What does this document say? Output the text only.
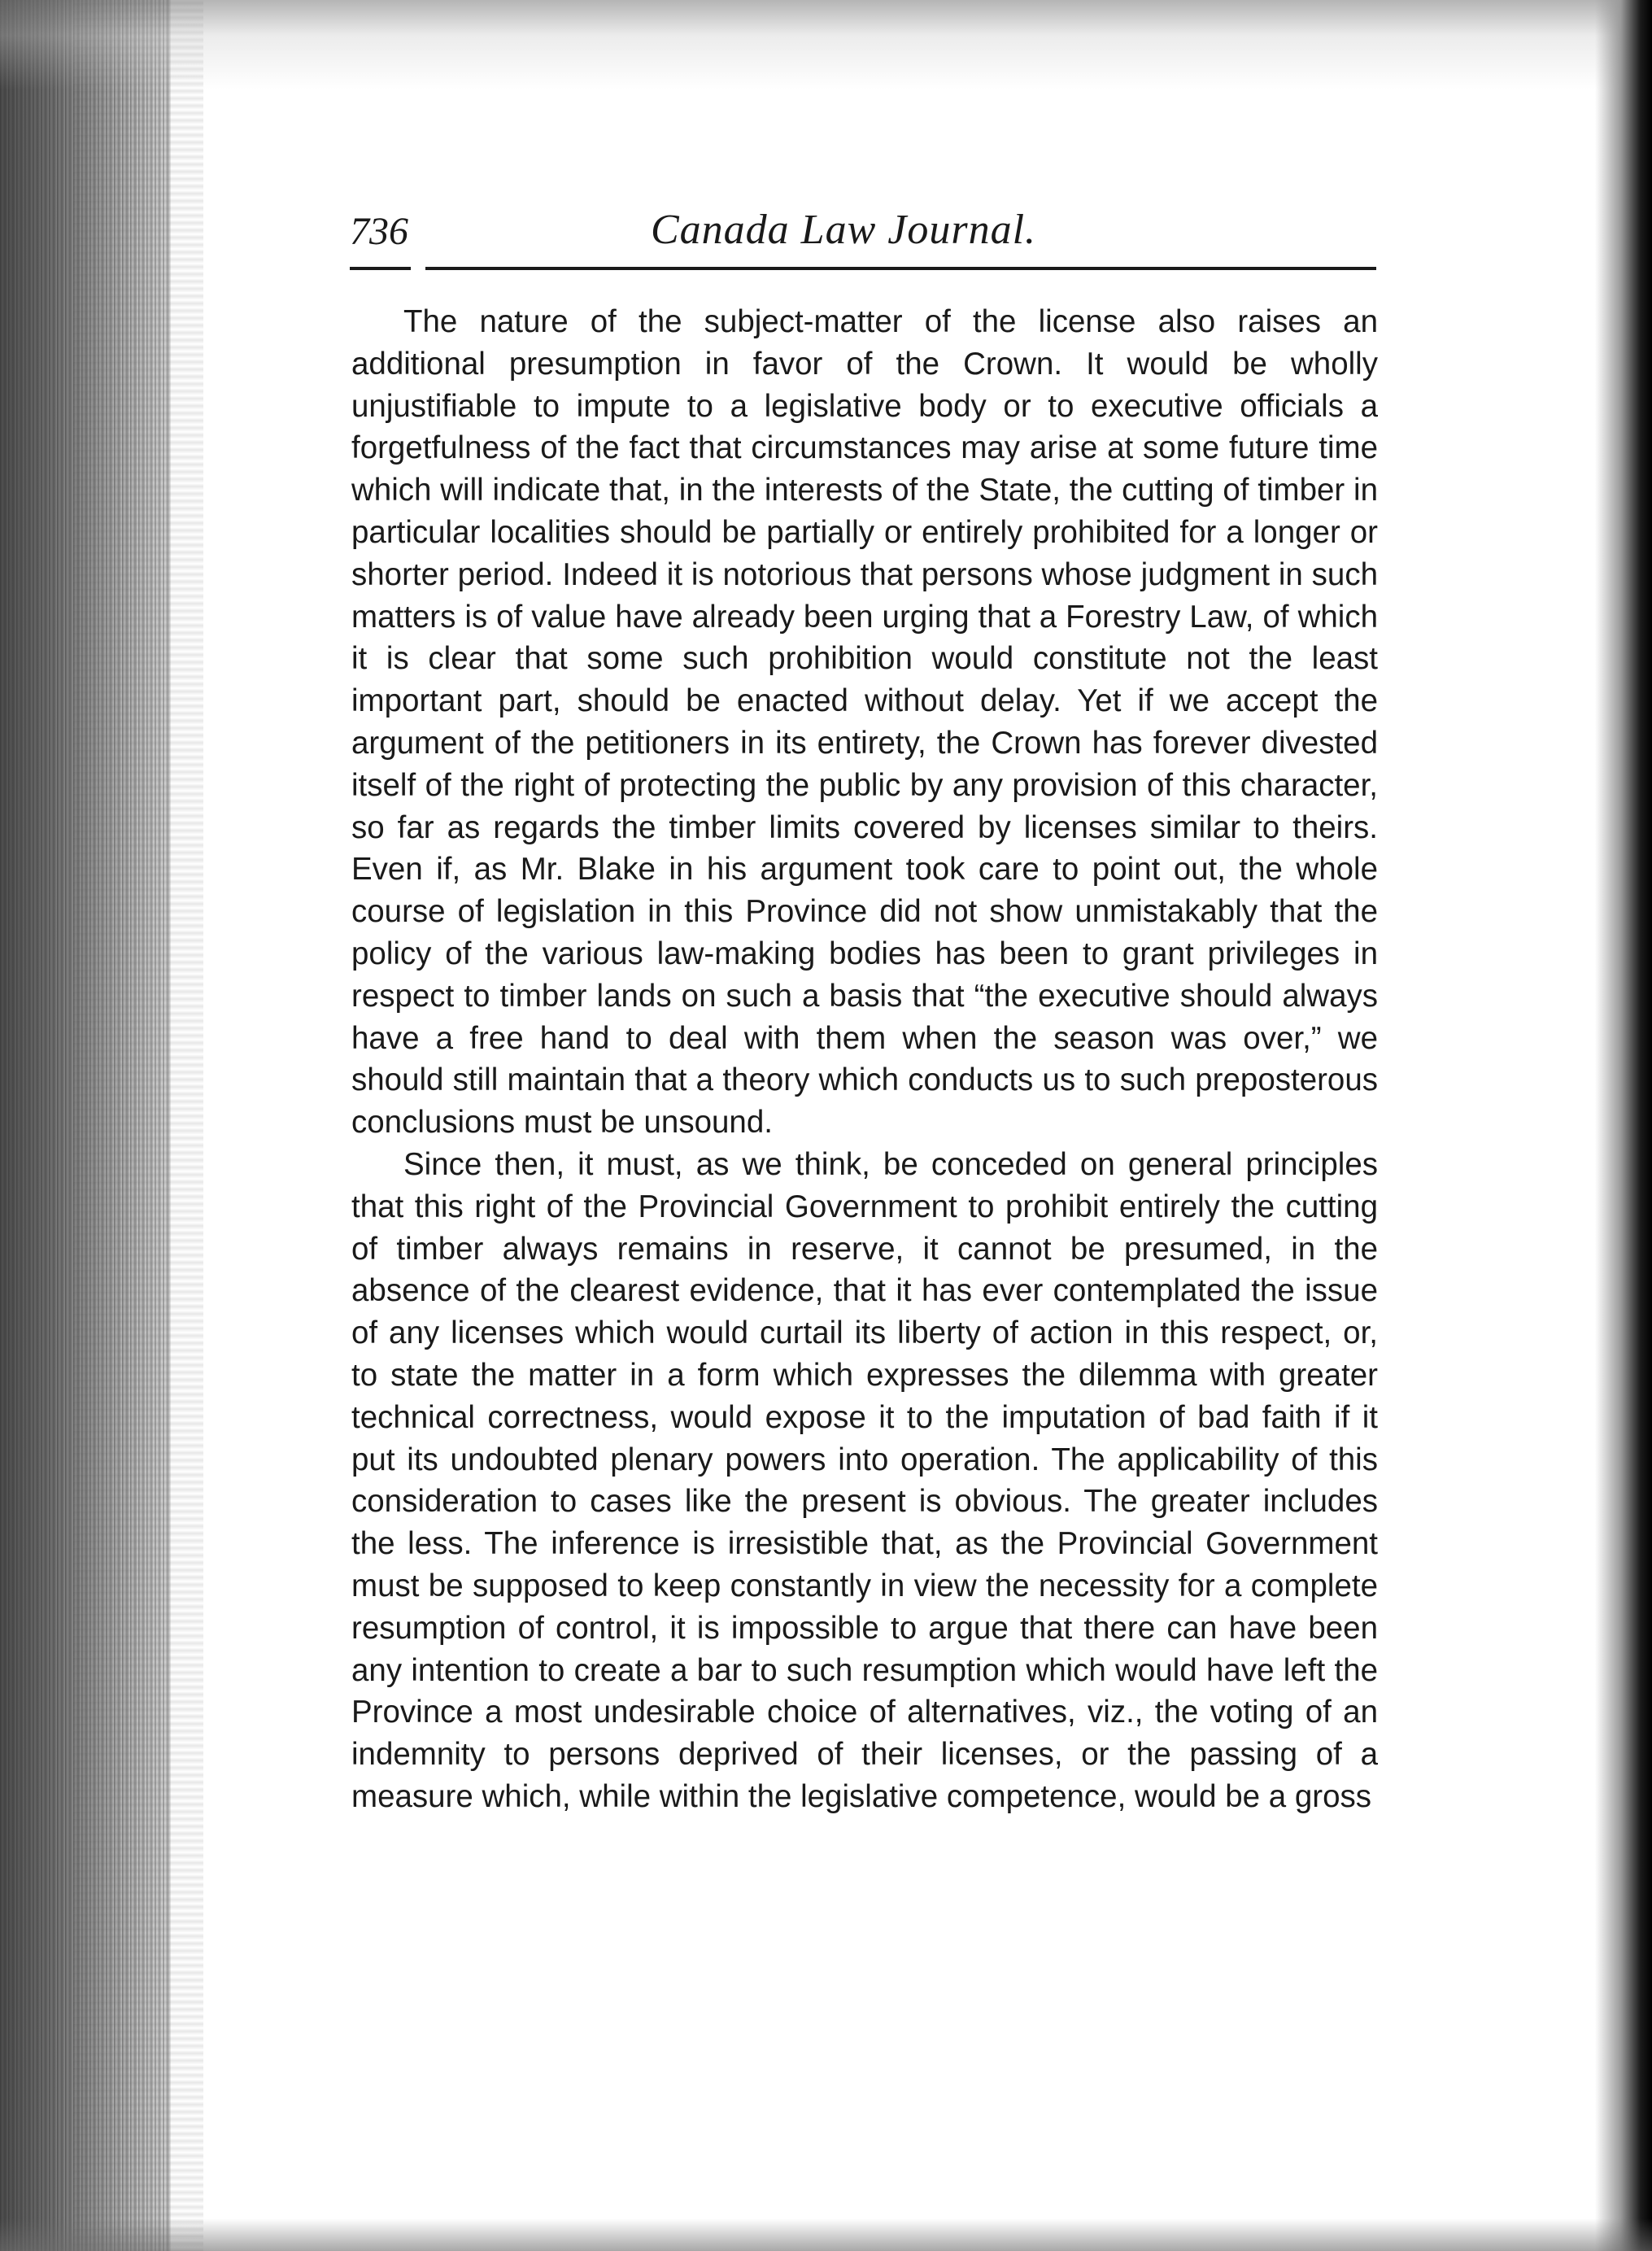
736	Canada Law Journal.

The nature of the subject-matter of the license also raises an additional presumption in favor of the Crown. It would be wholly unjustifiable to impute to a legislative body or to executive officials a forgetfulness of the fact that circumstances may arise at some future time which will indicate that, in the interests of the State, the cutting of timber in particular localities should be partially or entirely prohibited for a longer or shorter period. Indeed it is notorious that persons whose judgment in such matters is of value have already been urging that a Forestry Law, of which it is clear that some such prohibition would constitute not the least important part, should be enacted without delay. Yet if we accept the argument of the petitioners in its entirety, the Crown has forever divested itself of the right of protecting the public by any provision of this character, so far as regards the timber limits covered by licenses similar to theirs. Even if, as Mr. Blake in his argument took care to point out, the whole course of legislation in this Province did not show unmistakably that the policy of the various law-making bodies has been to grant privileges in respect to timber lands on such a basis that “the executive should always have a free hand to deal with them when the season was over,” we should still maintain that a theory which conducts us to such preposterous conclusions must be unsound.

Since then, it must, as we think, be conceded on general principles that this right of the Provincial Government to prohibit entirely the cutting of timber always remains in reserve, it cannot be presumed, in the absence of the clearest evidence, that it has ever contemplated the issue of any licenses which would curtail its liberty of action in this respect, or, to state the matter in a form which expresses the dilemma with greater technical correctness, would expose it to the imputation of bad faith if it put its undoubted plenary powers into operation. The applicability of this consideration to cases like the present is obvious. The greater includes the less. The inference is irresistible that, as the Provincial Government must be supposed to keep constantly in view the necessity for a complete resumption of control, it is impossible to argue that there can have been any intention to create a bar to such resumption which would have left the Province a most undesirable choice of alternatives, viz., the voting of an indemnity to persons deprived of their licenses, or the passing of a measure which, while within the legislative competence, would be a gross
